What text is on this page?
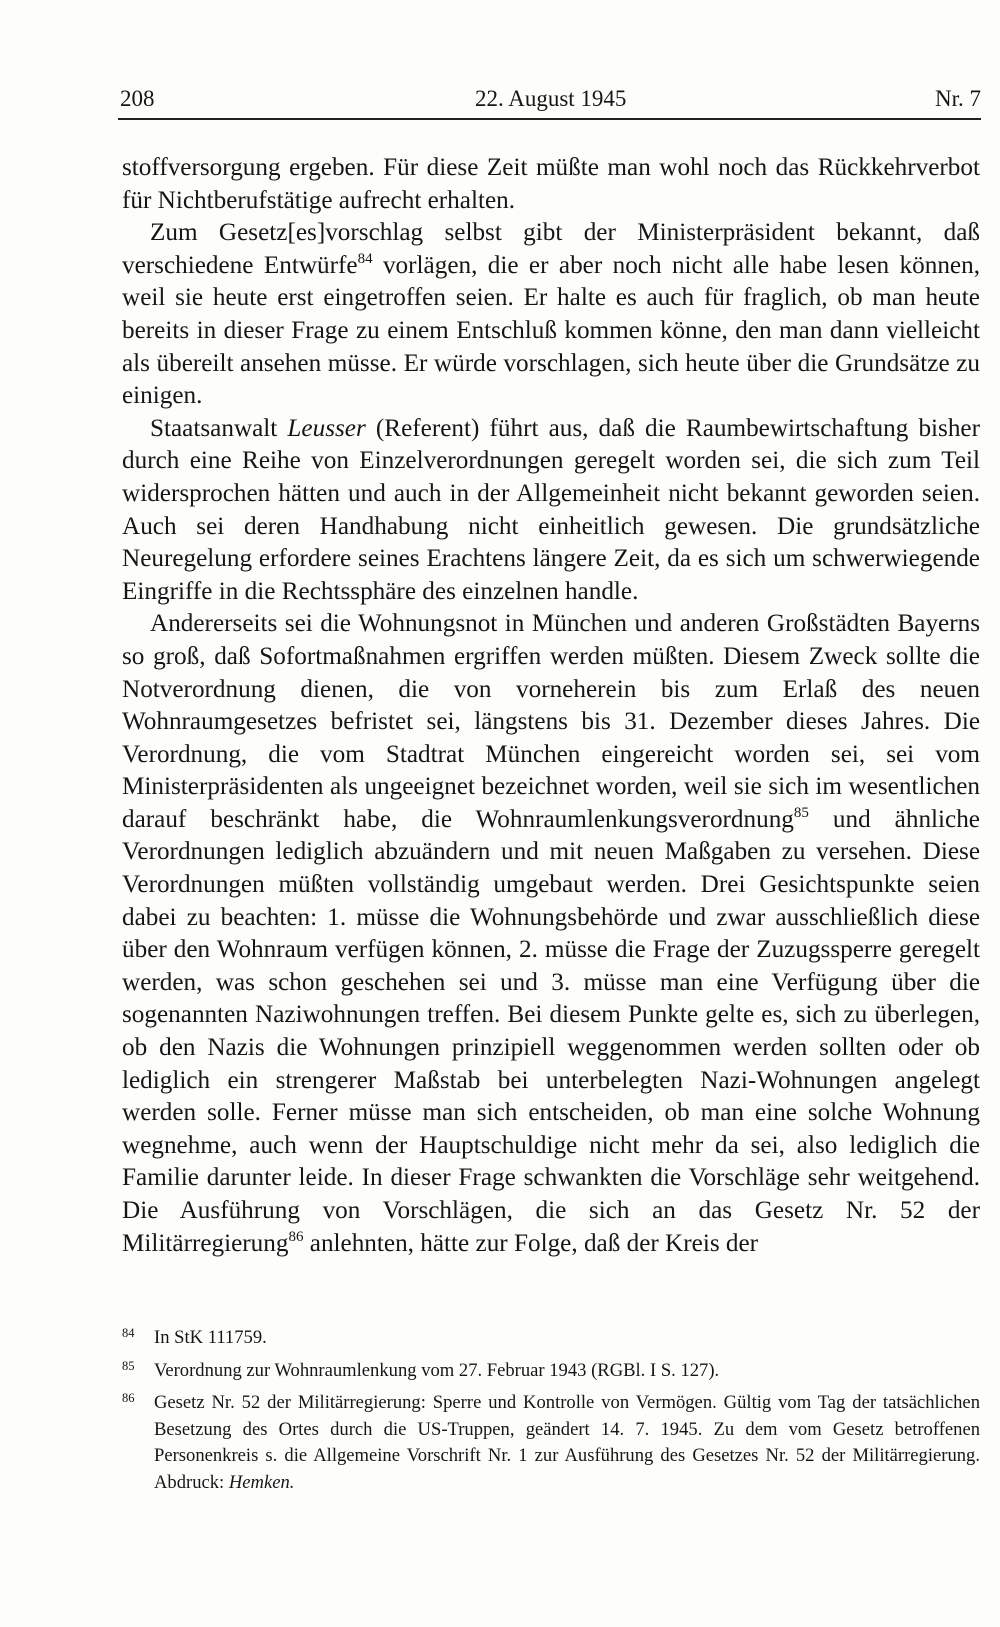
208	22. August 1945	Nr. 7

stoffversorgung ergeben. Für diese Zeit müßte man wohl noch das Rückkehrverbot für Nichtberufstätige aufrecht erhalten.

Zum Gesetz[es]vorschlag selbst gibt der Ministerpräsident bekannt, daß verschiedene Entwürfe$^{84}$ vorlägen, die er aber noch nicht alle habe lesen können, weil sie heute erst eingetroffen seien. Er halte es auch für fraglich, ob man heute bereits in dieser Frage zu einem Entschluß kommen könne, den man dann vielleicht als übereilt ansehen müsse. Er würde vorschlagen, sich heute über die Grundsätze zu einigen.

Staatsanwalt Leusser (Referent) führt aus, daß die Raumbewirtschaftung bisher durch eine Reihe von Einzelverordnungen geregelt worden sei, die sich zum Teil widersprochen hätten und auch in der Allgemeinheit nicht bekannt geworden seien. Auch sei deren Handhabung nicht einheitlich gewesen. Die grundsätzliche Neuregelung erfordere seines Erachtens längere Zeit, da es sich um schwerwiegende Eingriffe in die Rechtssphäre des einzelnen handle.

Andererseits sei die Wohnungsnot in München und anderen Großstädten Bayerns so groß, daß Sofortmaßnahmen ergriffen werden müßten. Diesem Zweck sollte die Notverordnung dienen, die von vorneherein bis zum Erlaß des neuen Wohnraumgesetzes befristet sei, längstens bis 31. Dezember dieses Jahres. Die Verordnung, die vom Stadtrat München eingereicht worden sei, sei vom Ministerpräsidenten als ungeeignet bezeichnet worden, weil sie sich im wesentlichen darauf beschränkt habe, die Wohnraumlenkungsverordnung$^{85}$ und ähnliche Verordnungen lediglich abzuändern und mit neuen Maßgaben zu versehen. Diese Verordnungen müßten vollständig umgebaut werden. Drei Gesichtspunkte seien dabei zu beachten: 1. müsse die Wohnungsbehörde und zwar ausschließlich diese über den Wohnraum verfügen können, 2. müsse die Frage der Zuzugssperre geregelt werden, was schon geschehen sei und 3. müsse man eine Verfügung über die sogenannten Naziwohnungen treffen. Bei diesem Punkte gelte es, sich zu überlegen, ob den Nazis die Wohnungen prinzipiell weggenommen werden sollten oder ob lediglich ein strengerer Maßstab bei unterbelegten Nazi-Wohnungen angelegt werden solle. Ferner müsse man sich entscheiden, ob man eine solche Wohnung wegnehme, auch wenn der Hauptschuldige nicht mehr da sei, also lediglich die Familie darunter leide. In dieser Frage schwankten die Vorschläge sehr weitgehend. Die Ausführung von Vorschlägen, die sich an das Gesetz Nr. 52 der Militärregierung$^{86}$ anlehnten, hätte zur Folge, daß der Kreis der

84 In StK 111759.

85 Verordnung zur Wohnraumlenkung vom 27. Februar 1943 (RGBl. I S. 127).

86 Gesetz Nr. 52 der Militärregierung: Sperre und Kontrolle von Vermögen. Gültig vom Tag der tatsächlichen Besetzung des Ortes durch die US-Truppen, geändert 14. 7. 1945. Zu dem vom Gesetz betroffenen Personenkreis s. die Allgemeine Vorschrift Nr. 1 zur Ausführung des Gesetzes Nr. 52 der Militärregierung. Abdruck: Hemken.
